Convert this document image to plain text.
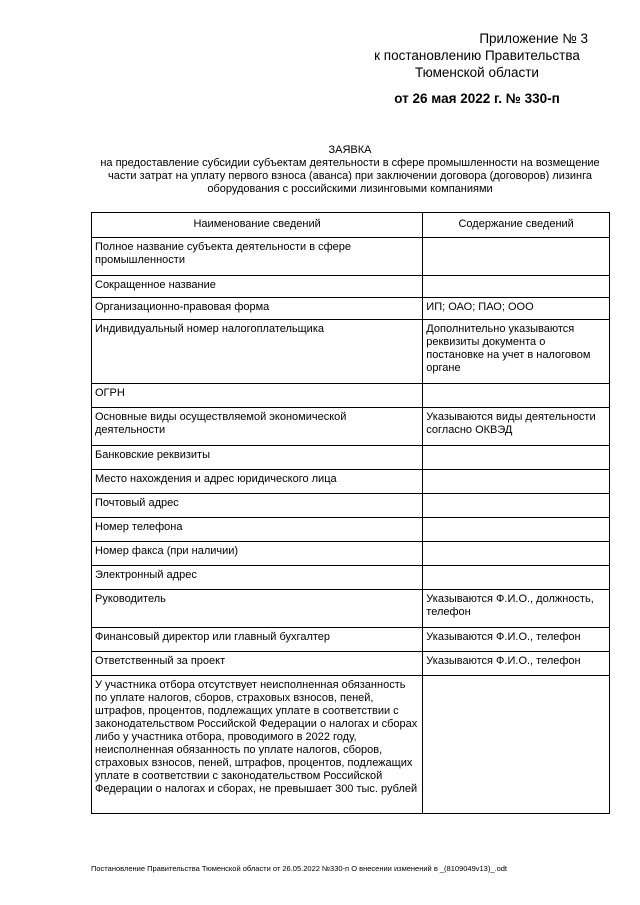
Приложение № 3
к постановлению Правительства
Тюменской области
от 26 мая 2022 г. № 330-п
ЗАЯВКА
на предоставление субсидии субъектам деятельности в сфере промышленности на возмещение части затрат на уплату первого взноса (аванса) при заключении договора (договоров) лизинга оборудования с российскими лизинговыми компаниями
Наименование сведений	Содержание сведений
Полное название субъекта деятельности в сфере промышленности	
Сокращенное название	
Организационно-правовая форма	ИП; ОАО; ПАО; ООО
Индивидуальный номер налогоплательщика	Дополнительно указываются реквизиты документа о постановке на учет в налоговом органе
ОГРН	
Основные виды осуществляемой экономической деятельности	Указываются виды деятельности согласно ОКВЭД
Банковские реквизиты	
Место нахождения и адрес юридического лица	
Почтовый адрес	
Номер телефона	
Номер факса (при наличии)	
Электронный адрес	
Руководитель	Указываются Ф.И.О., должность, телефон
Финансовый директор или главный бухгалтер	Указываются Ф.И.О., телефон
Ответственный за проект	Указываются Ф.И.О., телефон
У участника отбора отсутствует неисполненная обязанность по уплате налогов, сборов, страховых взносов, пеней, штрафов, процентов, подлежащих уплате в соответствии с законодательством Российской Федерации о налогах и сборах либо у участника отбора, проводимого в 2022 году, неисполненная обязанность по уплате налогов, сборов, страховых взносов, пеней, штрафов, процентов, подлежащих уплате в соответствии с законодательством Российской Федерации о налогах и сборах, не превышает 300 тыс. рублей	
Постановление Правительства Тюменской области от 26.05.2022 №330-п О внесении изменений в _(8109049v13)_.odt
